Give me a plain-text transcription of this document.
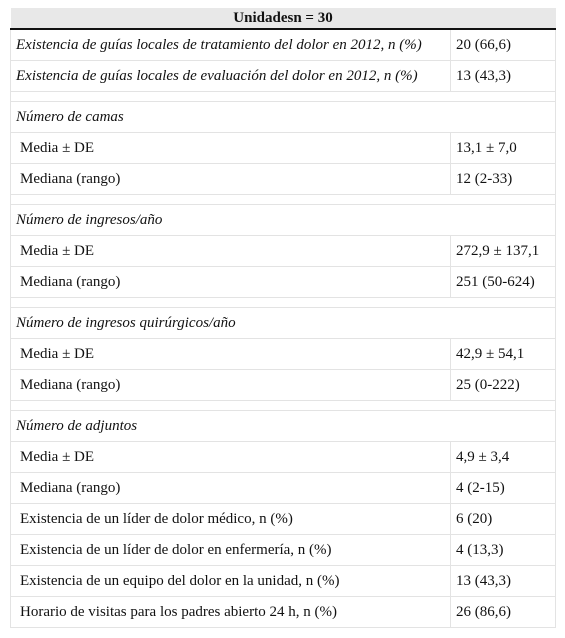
Unidadesn = 30	
Existencia de guías locales de tratamiento del dolor en 2012, n (%)	20 (66,6)
Existencia de guías locales de evaluación del dolor en 2012, n (%)	13 (43,3)

Número de camas	
Media ± DE	13,1 ± 7,0
Mediana (rango)	12 (2-33)

Número de ingresos/año	
Media ± DE	272,9 ± 137,1
Mediana (rango)	251 (50-624)

Número de ingresos quirúrgicos/año	
Media ± DE	42,9 ± 54,1
Mediana (rango)	25 (0-222)

Número de adjuntos	
Media ± DE	4,9 ± 3,4
Mediana (rango)	4 (2-15)
Existencia de un líder de dolor médico, n (%)	6 (20)
Existencia de un líder de dolor en enfermería, n (%)	4 (13,3)
Existencia de un equipo del dolor en la unidad, n (%)	13 (43,3)
Horario de visitas para los padres abierto 24 h, n (%)	26 (86,6)
